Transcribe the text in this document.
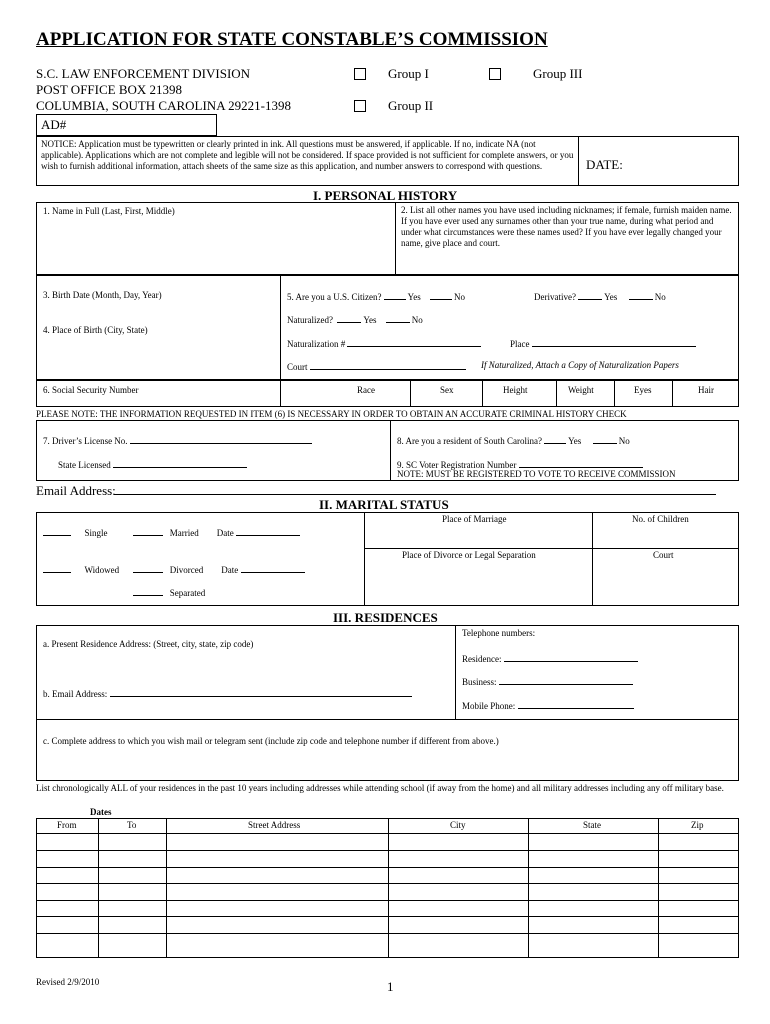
APPLICATION FOR STATE CONSTABLE’S COMMISSION
S.C. LAW ENFORCEMENT DIVISION
POST OFFICE BOX 21398
COLUMBIA, SOUTH CAROLINA 29221-1398
Group I	Group III
Group II
AD#
NOTICE: Application must be typewritten or clearly printed in ink. All questions must be answered, if applicable. If no, indicate NA (not applicable). Applications which are not complete and legible will not be considered. If space provided is not sufficient for complete answers, or you wish to furnish additional information, attach sheets of the same size as this application, and number answers to correspond with questions.	DATE:
I. PERSONAL HISTORY
1. Name in Full (Last, First, Middle)	2. List all other names you have used including nicknames; if female, furnish maiden name. If you have ever used any surnames other than your true name, during what period and under what circumstances were these names used? If you have ever legally changed your name, give place and court.
3. Birth Date (Month, Day, Year)
4. Place of Birth (City, State)
5. Are you a U.S. Citizen?	Yes	No	Derivative?	Yes	No
Naturalized?	Yes	No
Naturalization #	Place
Court	If Naturalized, Attach a Copy of Naturalization Papers
6. Social Security Number	Race	Sex	Height	Weight	Eyes	Hair
PLEASE NOTE: THE INFORMATION REQUESTED IN ITEM (6) IS NECESSARY IN ORDER TO OBTAIN AN ACCURATE CRIMINAL HISTORY CHECK
7. Driver’s License No.
State Licensed
8. Are you a resident of South Carolina?	Yes	No
9. SC Voter Registration Number
NOTE: MUST BE REGISTERED TO VOTE TO RECEIVE COMMISSION
Email Address:
II. MARITAL STATUS
Single	Married Date
Place of Marriage	No. of Children
Widowed	Divorced Date
Separated
Place of Divorce or Legal Separation	Court
III. RESIDENCES
a. Present Residence Address: (Street, city, state, zip code)
b. Email Address:
Telephone numbers:
Residence:
Business:
Mobile Phone:
c. Complete address to which you wish mail or telegram sent (include zip code and telephone number if different from above.)
List chronologically ALL of your residences in the past 10 years including addresses while attending school (if away from the home) and all military addresses including any off military base.
Dates
From	To	Street Address	City	State	Zip
Revised 2/9/2010	1
